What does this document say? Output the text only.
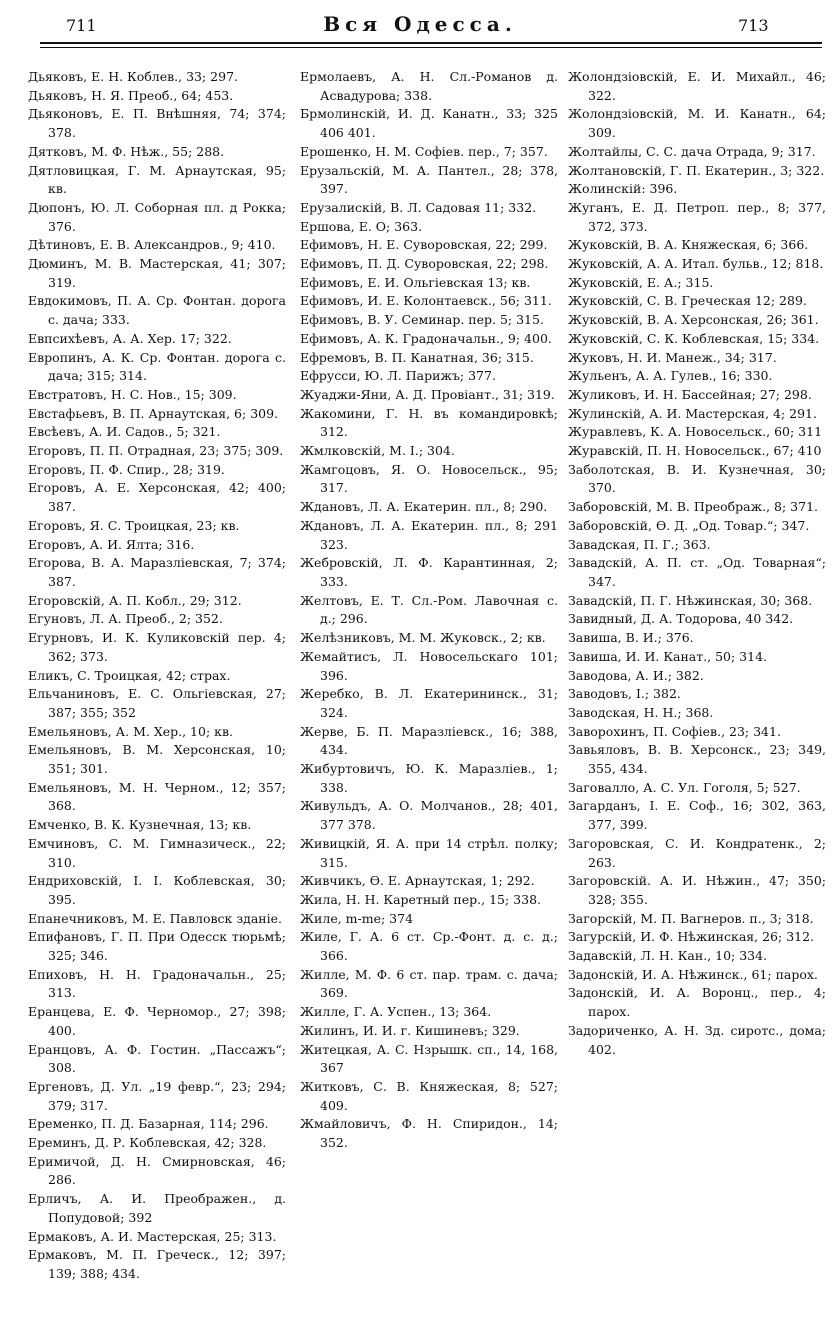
711	Вся Одесса.	713
Дьяковъ, Е. Н. Коблев., 33; 297.
Дьяковъ, Н. Я. Преоб., 64; 453.
Дьяконовъ, Е. П. Внѣшняя, 74; 374; 378.
Дятковъ, М. Ф. Нѣж., 55; 288.
Дятловицкая, Г. М. Арнаутская, 95; кв.
Дюпонъ, Ю. Л. Соборная пл. д Рокка; 376.
Дѣтиновъ, Е. В. Александров., 9; 410.
Дюминъ, М. В. Мастерская, 41; 307; 319.
Евдокимовъ, П. А. Ср. Фонтан. дорога с. дача; 333.
Евпсихѣевъ, А. А. Хер. 17; 322.
Европинъ, А. К. Ср. Фонтан. дорога с. дача; 315; 314.
Евстратовъ, Н. С. Нов., 15; 309.
Евстафьевъ, В. П. Арнаутская, 6; 309.
Евсѣевъ, А. И. Садов., 5; 321.
Егоровъ, П. П. Отрадная, 23; 375; 309.
Егоровъ, П. Ф. Спир., 28; 319.
Егоровъ, А. Е. Херсонская, 42; 400; 387.
Егоровъ, Я. С. Троицкая, 23; кв.
Егоровъ, А. И. Ялта; 316.
Егорова, В. А. Маразліевская, 7; 374; 387.
Егоровскій, А. П. Кобл., 29; 312.
Егуновъ, Л. А. Преоб., 2; 352.
Егурновъ, И. К. Куликовскій пер. 4; 362; 373.
Еликъ, С. Троицкая, 42; страх.
Ельчаниновъ, Е. С. Ольгіевская, 27; 387; 355; 352
Емельяновъ, А. М. Хер., 10; кв.
Емельяновъ, В. М. Херсонская, 10; 351; 301.
Емельяновъ, М. Н. Черном., 12; 357; 368.
Емченко, В. К. Кузнечная, 13; кв.
Емчиновъ, С. М. Гимназическ., 22; 310.
Ендриховскій, І. І. Коблевская, 30; 395.
Епанечниковъ, М. Е. Павловск зданіе.
Епифановъ, Г. П. При Одесск тюрьмѣ; 325; 346.
Епиховъ, Н. Н. Градоначальн., 25; 313.
Еранцева, Е. Ф. Черномор., 27; 398; 400.
Еранцовъ, А. Ф. Гостин. „Пассажъ“; 308.
Ергеновъ, Д. Ул. „19 февр.“, 23; 294; 379; 317.
Еременко, П. Д. Базарная, 114; 296.
Ереминъ, Д. Р. Коблевская, 42; 328.
Еримичой, Д. Н. Смирновская, 46; 286.
Ерличъ, А. И. Преображен., д. Попудовой; 392
Ермаковъ, А. И. Мастерская, 25; 313.
Ермаковъ, М. П. Греческ., 12; 397; 139; 388; 434.
Ермолаевъ, А. Н. Сл.-Романов д. Асвадурова; 338.
Брмолинскій, И. Д. Канатн., 33; 325 406 401.
Ерошенко, Н. М. Софіев. пер., 7; 357.
Ерузальскій, М. А. Пантел., 28; 378, 397.
Ерузалискій, В. Л. Садовая 11; 332.
Ершова, Е. О; 363.
Ефимовъ, Н. Е. Суворовская, 22; 299.
Ефимовъ, П. Д. Суворовская, 22; 298.
Ефимовъ, Е. И. Ольгіевская 13; кв.
Ефимовъ, И. Е. Колонтаевск., 56; 311.
Ефимовъ, В. У. Семинар. пер. 5; 315.
Ефимовъ, А. К. Градоначальн., 9; 400.
Ефремовъ, В. П. Канатная, 36; 315.
Ефрусси, Ю. Л. Парижъ; 377.
Жуаджи-Яни, А. Д. Провіант., 31; 319.
Жакомини, Г. Н. въ командировкѣ; 312.
Жмлковскій, М. І.; 304.
Жамгоцовъ, Я. О. Новосельск., 95; 317.
Ждановъ, Л. А. Екатерин. пл., 8; 290.
Ждановъ, Л. А. Екатерин. пл., 8; 291 323.
Жебровскій, Л. Ф. Карантинная, 2; 333.
Желтовъ, Е. Т. Сл.-Ром. Лавочная с. д.; 296.
Желѣзниковъ, М. М. Жуковск., 2; кв.
Жемайтисъ, Л. Новосельскаго 101; 396.
Жеребко, В. Л. Екатерининск., 31; 324.
Жерве, Б. П. Маразліевск., 16; 388, 434.
Жибуртовичъ, Ю. К. Маразліев., 1; 338.
Живульдъ, А. О. Молчанов., 28; 401, 377 378.
Живицкій, Я. А. при 14 стрѣл. полку; 315.
Живчикъ, Ѳ. Е. Арнаутская, 1; 292.
Жила, Н. Н. Каретный пер., 15; 338.
Жиле, m-me; 374
Жиле, Г. А. 6 ст. Ср.-Фонт. д. с. д.; 366.
Жилле, М. Ф. 6 ст. пар. трам. с. дача; 369.
Жилле, Г. А. Успен., 13; 364.
Жилинъ, И. И. г. Кишиневъ; 329.
Житецкая, А. С. Нзрышк. сп., 14, 168, 367
Житковъ, С. В. Княжеская, 8; 527; 409.
Жмайловичъ, Ф. Н. Спиридон., 14; 352.
Жолондзіовскій, Е. И. Михайл., 46; 322.
Жолондзіовскій, М. И. Канатн., 64; 309.
Жолтайлы, С. С. дача Отрада, 9; 317.
Жолтановскій, Г. П. Екатерин., 3; 322.
Жолинскій: 396.
Жуганъ, Е. Д. Петроп. пер., 8; 377, 372, 373.
Жуковскій, В. А. Княжеская, 6; 366.
Жуковскій, А. А. Итал. бульв., 12; 818.
Жуковскій, Е. А.; 315.
Жуковскій, С. В. Греческая 12; 289.
Жуковскій, В. А. Херсонская, 26; 361.
Жуковскій, С. К. Коблевская, 15; 334.
Жуковъ, Н. И. Манеж., 34; 317.
Жульенъ, А. А. Гулев., 16; 330.
Жуликовъ, И. Н. Бассейная; 27; 298.
Жулинскій, А. И. Мастерская, 4; 291.
Журавлевъ, К. А. Новосельск., 60; 311
Журавскій, П. Н. Новосельск., 67; 410
Заболотская, В. И. Кузнечная, 30; 370.
Заборовскій, М. В. Преображ., 8; 371.
Заборовскій, Ѳ. Д. „Од. Товар.“; 347.
Завадская, П. Г.; 363.
Завадскій, А. П. ст. „Од. Товарная“; 347.
Завадскій, П. Г. Нѣжинская, 30; 368.
Завидный, Д. А. Тодорова, 40 342.
Завиша, В. И.; 376.
Завиша, И. И. Канат., 50; 314.
Заводова, А. И.; 382.
Заводовъ, І.; 382.
Заводская, Н. Н.; 368.
Заворохинъ, П. Софіев., 23; 341.
Завьяловъ, В. В. Херсонск., 23; 349, 355, 434.
Заговалло, А. С. Ул. Гоголя, 5; 527.
Загарданъ, І. Е. Соф., 16; 302, 363, 377, 399.
Загоровская, С. И. Кондратенк., 2; 263.
Загоровскій. А. И. Нѣжин., 47; 350; 328; 355.
Загорскій, М. П. Вагнеров. п., 3; 318.
Загурскій, И. Ф. Нѣжинская, 26; 312.
Задавскій, Л. Н. Кан., 10; 334.
Задонскій, И. А. Нѣжинск., 61; парох.
Задонскій, И. А. Воронц., пер., 4; парох.
Задориченко, А. Н. Зд. сиротс., дома; 402.
